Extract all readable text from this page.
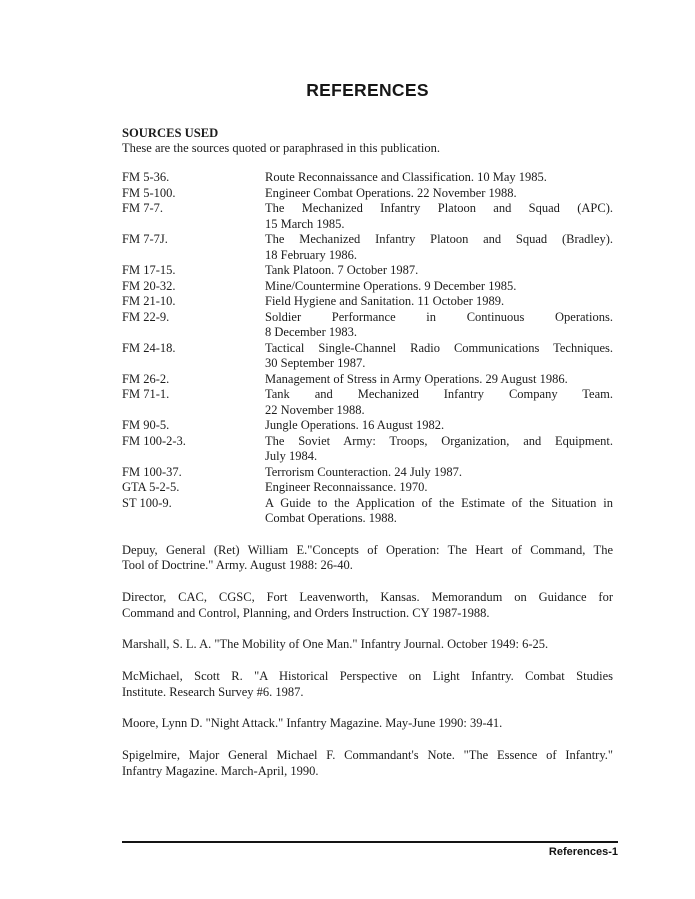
REFERENCES
SOURCES USED
These are the sources quoted or paraphrased in this publication.
FM 5-36.	Route Reconnaissance and Classification. 10 May 1985.
FM 5-100.	Engineer Combat Operations. 22 November 1988.
FM 7-7.	The Mechanized Infantry Platoon and Squad (APC).
15 March 1985.
FM 7-7J.	The Mechanized Infantry Platoon and Squad (Bradley).
18 February 1986.
FM 17-15.	Tank Platoon. 7 October 1987.
FM 20-32.	Mine/Countermine Operations. 9 December 1985.
FM 21-10.	Field Hygiene and Sanitation. 11 October 1989.
FM 22-9.	Soldier Performance in Continuous Operations.
8 December 1983.
FM 24-18.	Tactical Single-Channel Radio Communications Techniques.
30 September 1987.
FM 26-2.	Management of Stress in Army Operations. 29 August 1986.
FM 71-1.	Tank and Mechanized Infantry Company Team.
22 November 1988.
FM 90-5.	Jungle Operations. 16 August 1982.
FM 100-2-3.	The Soviet Army: Troops, Organization, and Equipment.
July 1984.
FM 100-37.	Terrorism Counteraction. 24 July 1987.
GTA 5-2-5.	Engineer Reconnaissance. 1970.
ST 100-9.	A Guide to the Application of the Estimate of the Situation in
Combat Operations. 1988.
Depuy, General (Ret) William E."Concepts of Operation: The Heart of Command, The
Tool of Doctrine." Army. August 1988: 26-40.
Director, CAC, CGSC, Fort Leavenworth, Kansas. Memorandum on Guidance for
Command and Control, Planning, and Orders Instruction. CY 1987-1988.
Marshall, S. L. A. "The Mobility of One Man." Infantry Journal. October 1949: 6-25.
McMichael, Scott R. "A Historical Perspective on Light Infantry. Combat Studies
Institute. Research Survey #6. 1987.
Moore, Lynn D. "Night Attack." Infantry Magazine. May-June 1990: 39-41.
Spigelmire, Major General Michael F. Commandant's Note. "The Essence of Infantry."
Infantry Magazine. March-April, 1990.
References-1
